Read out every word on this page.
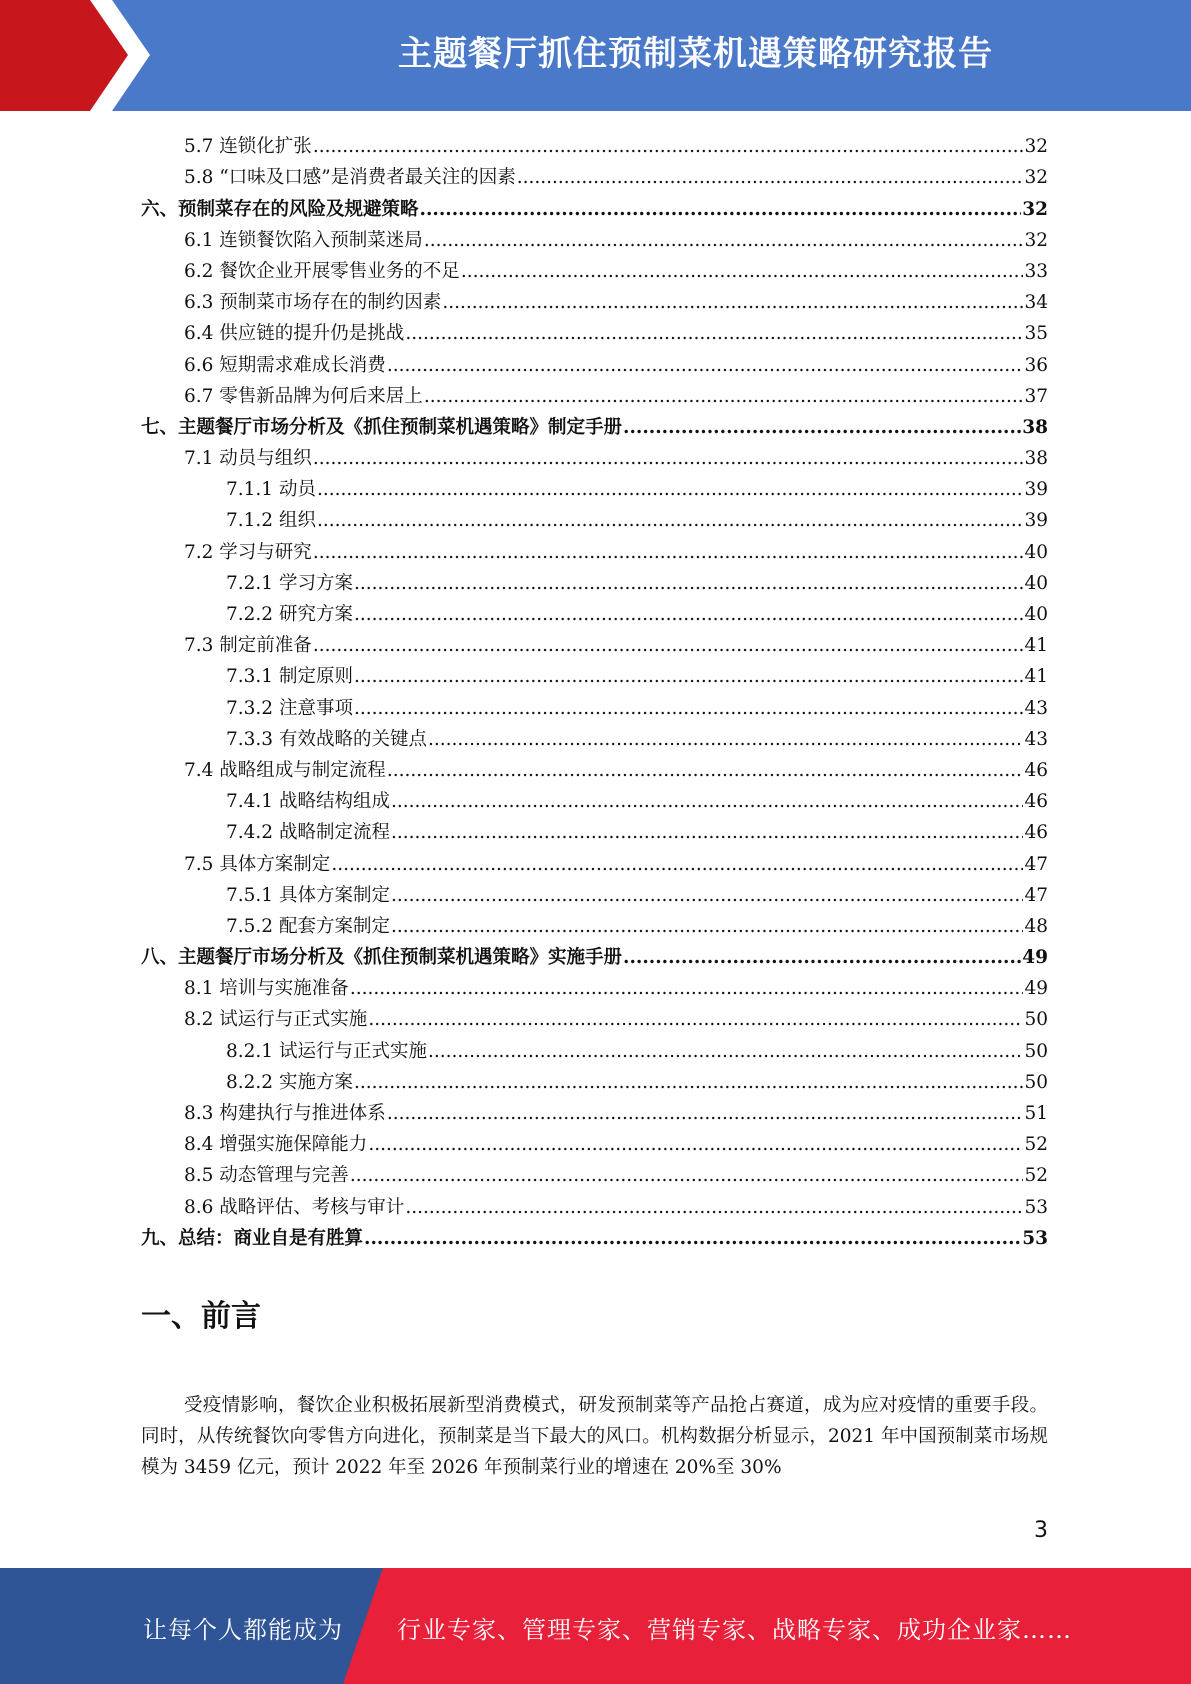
主题餐厅抓住预制菜机遇策略研究报告
5.7 连锁化扩张 .....	32
5.8 “口味及口感”是消费者最关注的因素 .....	32
六、预制菜存在的风险及规避策略 .....	32
6.1 连锁餐饮陷入预制菜迷局 .....	32
6.2 餐饮企业开展零售业务的不足 .....	33
6.3 预制菜市场存在的制约因素 .....	34
6.4 供应链的提升仍是挑战 .....	35
6.6 短期需求难成长消费 .....	36
6.7 零售新品牌为何后来居上 .....	37
七、主题餐厅市场分析及《抓住预制菜机遇策略》制定手册 .....	38
7.1 动员与组织 .....	38
7.1.1 动员 .....	39
7.1.2 组织 .....	39
7.2 学习与研究 .....	40
7.2.1 学习方案 .....	40
7.2.2 研究方案 .....	40
7.3 制定前准备 .....	41
7.3.1 制定原则 .....	41
7.3.2 注意事项 .....	43
7.3.3 有效战略的关键点 .....	43
7.4 战略组成与制定流程 .....	46
7.4.1 战略结构组成 .....	46
7.4.2 战略制定流程 .....	46
7.5 具体方案制定 .....	47
7.5.1 具体方案制定 .....	47
7.5.2 配套方案制定 .....	48
八、主题餐厅市场分析及《抓住预制菜机遇策略》实施手册 .....	49
8.1 培训与实施准备 .....	49
8.2 试运行与正式实施 .....	50
8.2.1 试运行与正式实施 .....	50
8.2.2 实施方案 .....	50
8.3 构建执行与推进体系 .....	51
8.4 增强实施保障能力 .....	52
8.5 动态管理与完善 .....	52
8.6 战略评估、考核与审计 .....	53
九、总结：商业自是有胜算 .....	53
一、前言
受疫情影响，餐饮企业积极拓展新型消费模式，研发预制菜等产品抢占赛道，成为应对疫情的重要手段。同时，从传统餐饮向零售方向进化，预制菜是当下最大的风口。机构数据分析显示，2021 年中国预制菜市场规模为 3459 亿元，预计 2022 年至 2026 年预制菜行业的增速在 20%至 30%
3
让每个人都能成为 行业专家、管理专家、营销专家、战略专家、成功企业家……
